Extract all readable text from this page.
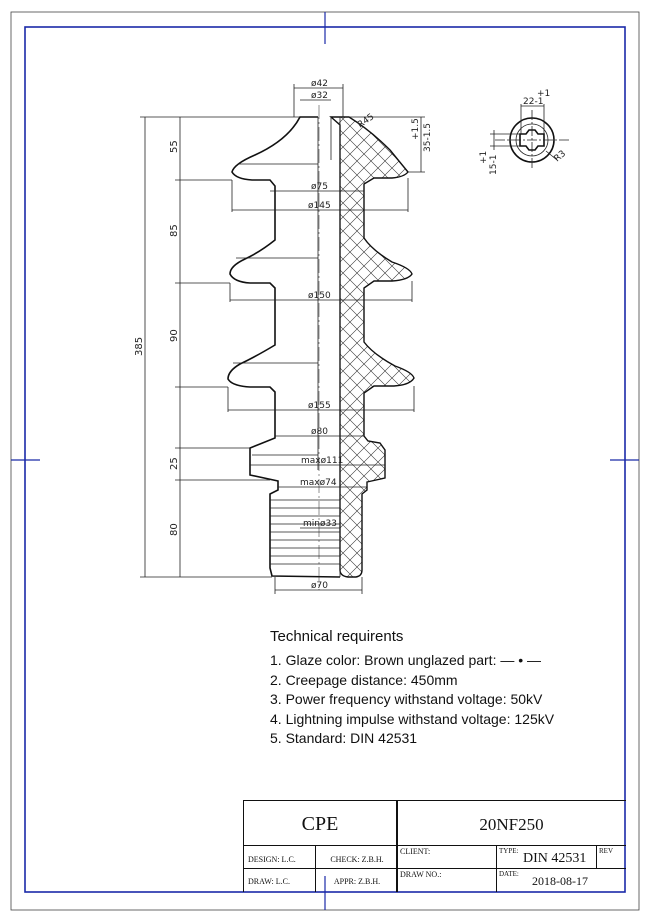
ø42
ø32
R45	+1.5 35-1.5
ø75
ø145
ø150
ø155
ø80
maxø111
maxø74
minø33
ø70
385
55
85
90
25
80
22-1
+1
+1 15-1	R3
Technical requirents
1. Glaze color: Brown unglazed part: — • —
2. Creepage distance: 450mm
3. Power frequency withstand voltage: 50kV
4. Lightning impulse withstand voltage: 125kV
5. Standard: DIN 42531
CPE	20NF250
DESIGN: L.C.	CHECK: Z.B.H.
DRAW: L.C.	APPR: Z.B.H.
CLIENT:
DRAW NO.:
TYPE: DIN 42531 REV
DATE: 2018-08-17
